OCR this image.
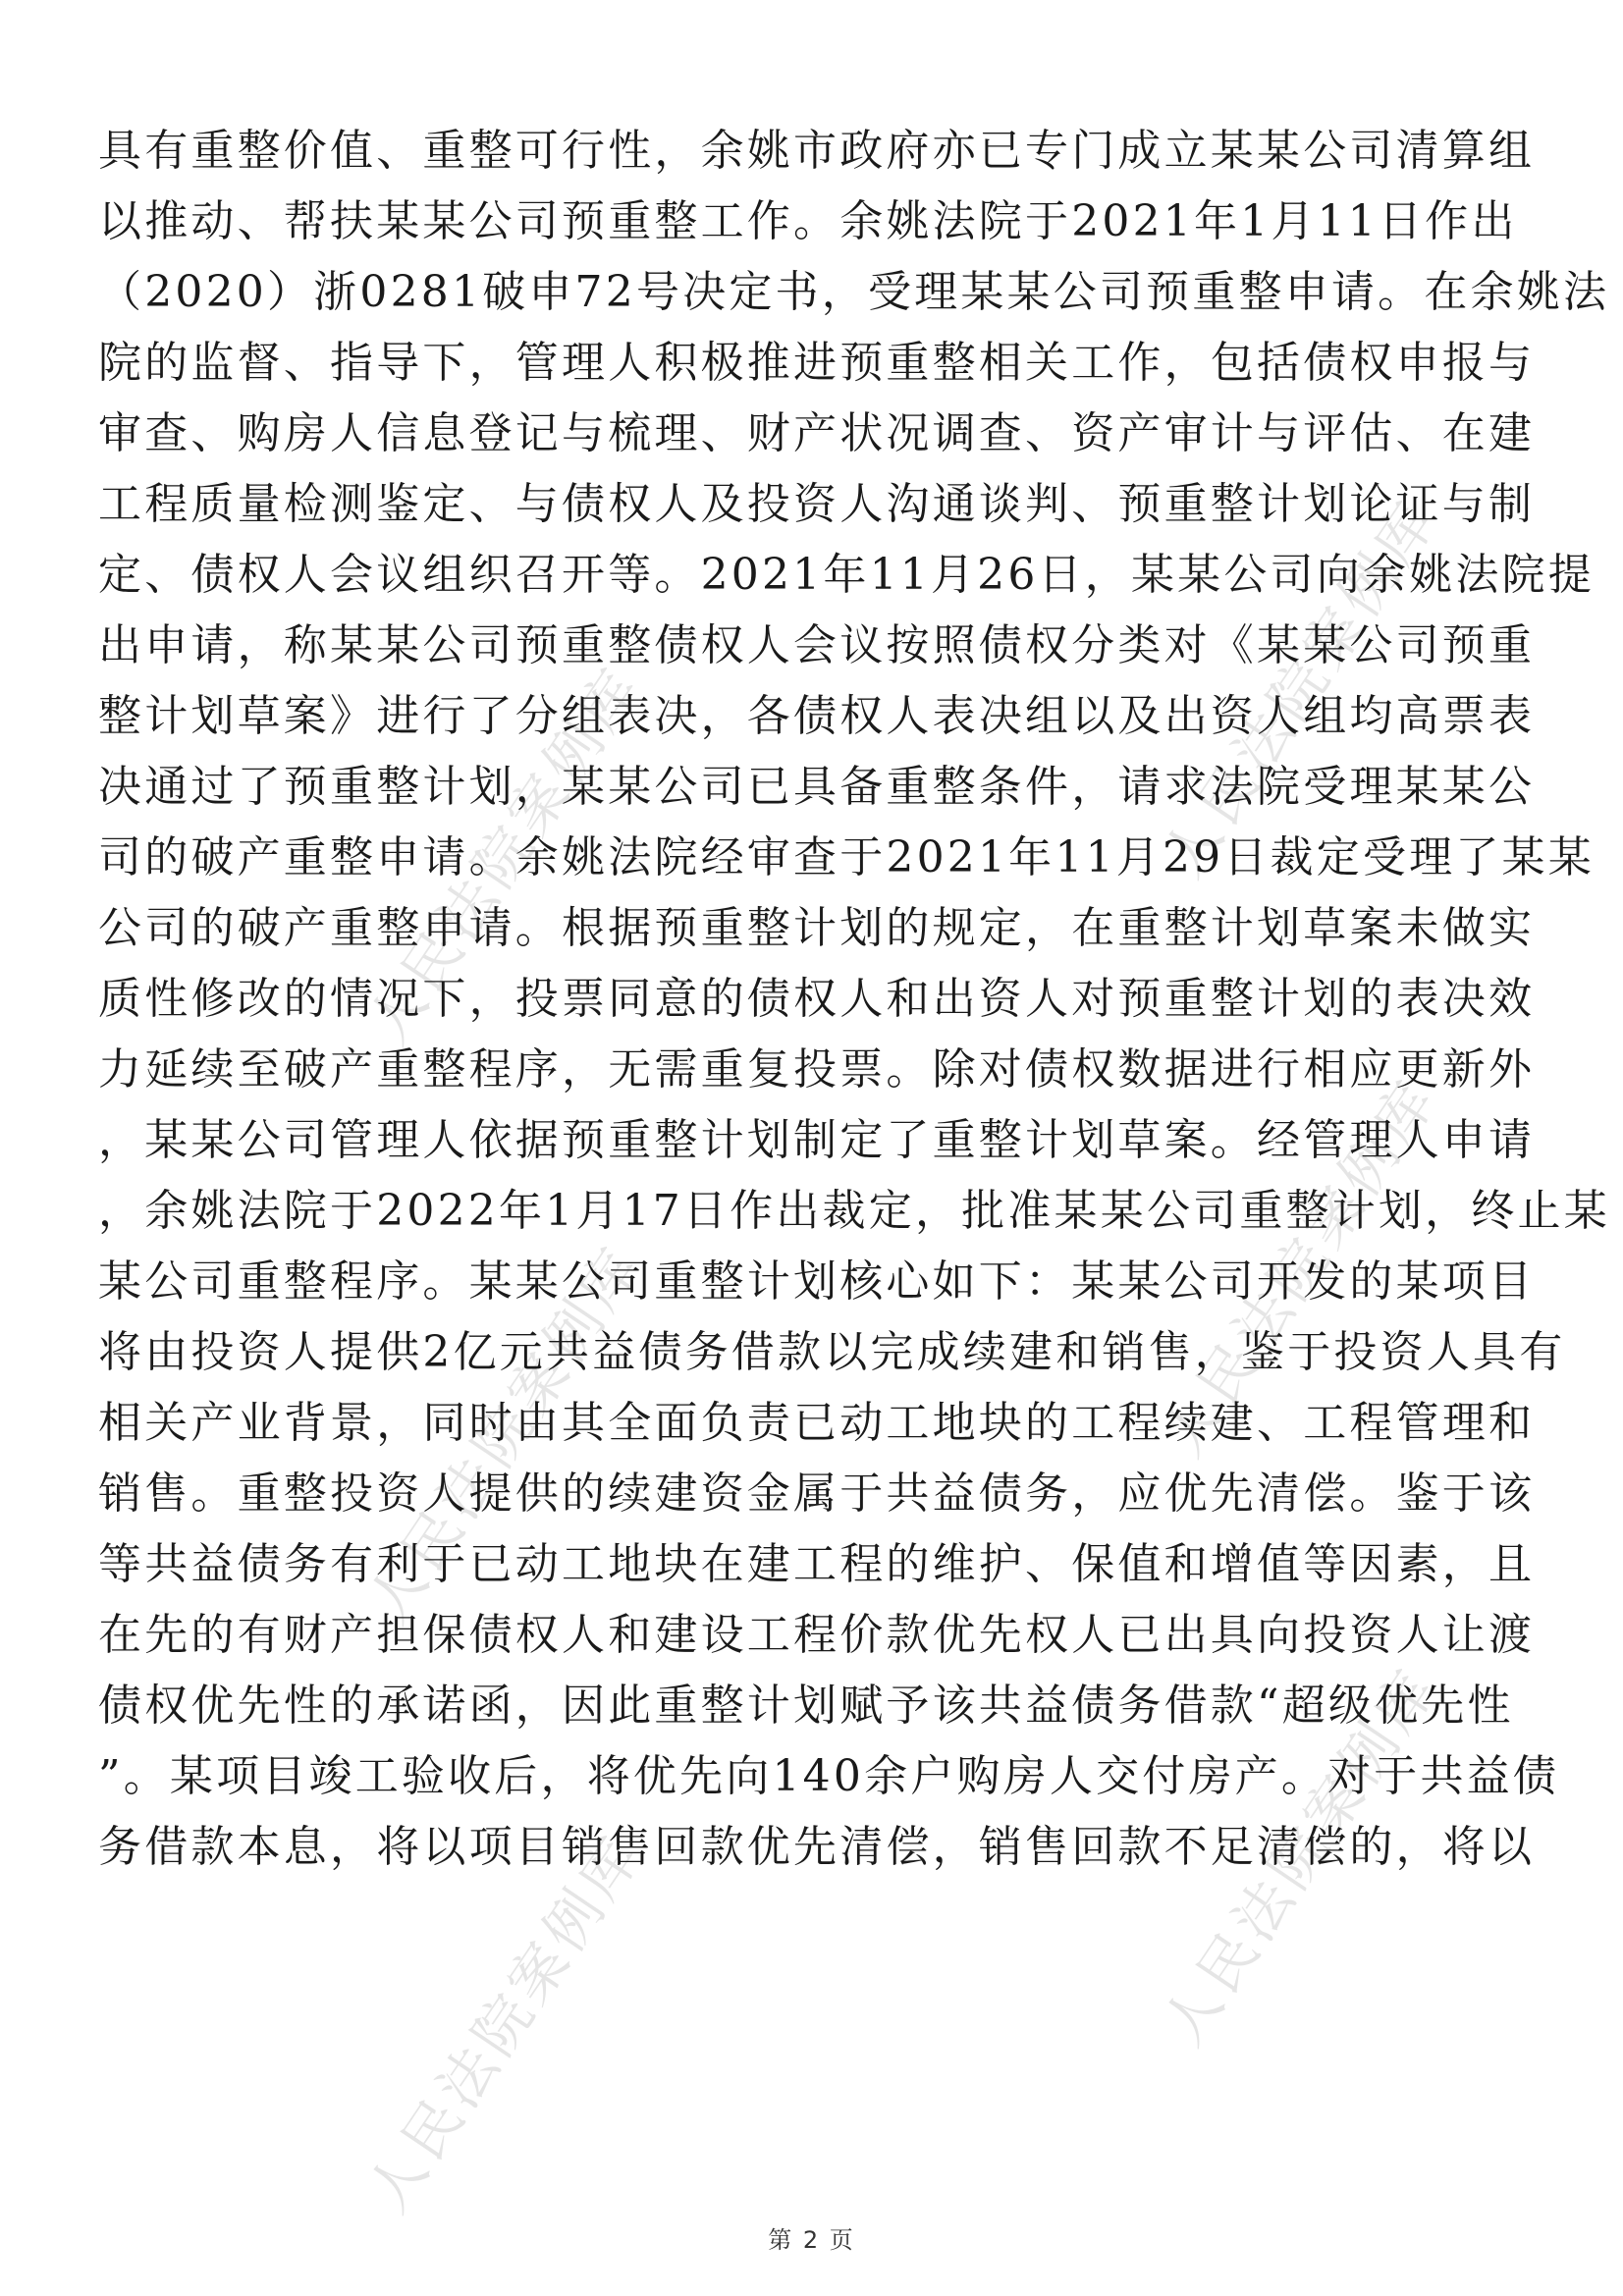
人民法院案例库	人民法院案例库
人民法院案例库	人民法院案例库
人民法院案例库	人民法院案例库
具有重整价值、重整可行性，余姚市政府亦已专门成立某某公司清算组
以推动、帮扶某某公司预重整工作。余姚法院于2021年1月11日作出
（2020）浙0281破申72号决定书，受理某某公司预重整申请。在余姚法
院的监督、指导下，管理人积极推进预重整相关工作，包括债权申报与
审查、购房人信息登记与梳理、财产状况调查、资产审计与评估、在建
工程质量检测鉴定、与债权人及投资人沟通谈判、预重整计划论证与制
定、债权人会议组织召开等。2021年11月26日，某某公司向余姚法院提
出申请，称某某公司预重整债权人会议按照债权分类对《某某公司预重
整计划草案》进行了分组表决，各债权人表决组以及出资人组均高票表
决通过了预重整计划，某某公司已具备重整条件，请求法院受理某某公
司的破产重整申请。余姚法院经审查于2021年11月29日裁定受理了某某
公司的破产重整申请。根据预重整计划的规定，在重整计划草案未做实
质性修改的情况下，投票同意的债权人和出资人对预重整计划的表决效
力延续至破产重整程序，无需重复投票。除对债权数据进行相应更新外
，某某公司管理人依据预重整计划制定了重整计划草案。经管理人申请
，余姚法院于2022年1月17日作出裁定，批准某某公司重整计划，终止某
某公司重整程序。某某公司重整计划核心如下：某某公司开发的某项目
将由投资人提供2亿元共益债务借款以完成续建和销售，鉴于投资人具有
相关产业背景，同时由其全面负责已动工地块的工程续建、工程管理和
销售。重整投资人提供的续建资金属于共益债务，应优先清偿。鉴于该
等共益债务有利于已动工地块在建工程的维护、保值和增值等因素，且
在先的有财产担保债权人和建设工程价款优先权人已出具向投资人让渡
债权优先性的承诺函，因此重整计划赋予该共益债务借款“超级优先性
”。某项目竣工验收后，将优先向140余户购房人交付房产。对于共益债
务借款本息，将以项目销售回款优先清偿，销售回款不足清偿的，将以
第 2 页
